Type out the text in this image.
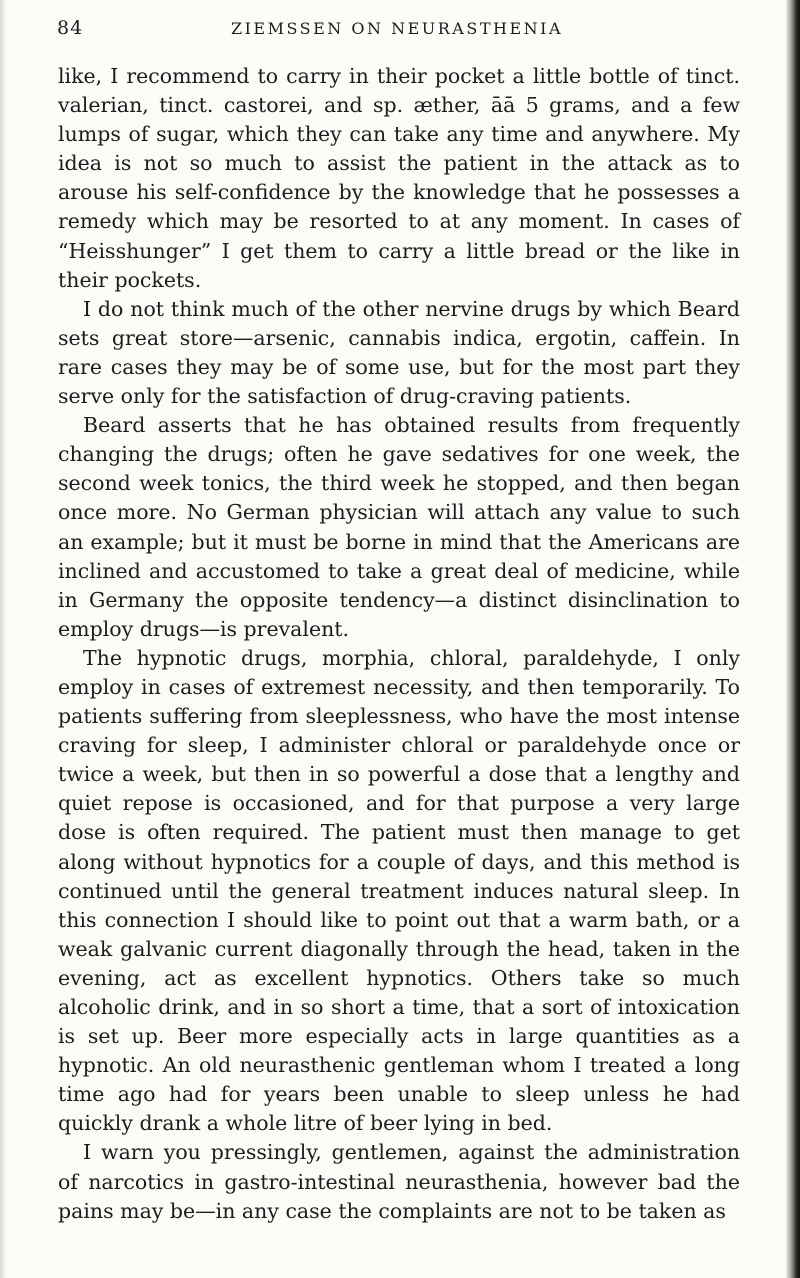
84	ZIEMSSEN ON NEURASTHENIA

like, I recommend to carry in their pocket a little bottle of tinct. valerian, tinct. castorei, and sp. æther, āā 5 grams, and a few lumps of sugar, which they can take any time and anywhere. My idea is not so much to assist the patient in the attack as to arouse his self-confidence by the knowledge that he possesses a remedy which may be resorted to at any moment. In cases of “Heisshunger” I get them to carry a little bread or the like in their pockets.

I do not think much of the other nervine drugs by which Beard sets great store—arsenic, cannabis indica, ergotin, caffein. In rare cases they may be of some use, but for the most part they serve only for the satisfaction of drug-craving patients.

Beard asserts that he has obtained results from frequently changing the drugs; often he gave sedatives for one week, the second week tonics, the third week he stopped, and then began once more. No German physician will attach any value to such an example; but it must be borne in mind that the Americans are inclined and accustomed to take a great deal of medicine, while in Germany the opposite tendency—a distinct disinclination to employ drugs—is prevalent.

The hypnotic drugs, morphia, chloral, paraldehyde, I only employ in cases of extremest necessity, and then temporarily. To patients suffering from sleeplessness, who have the most intense craving for sleep, I administer chloral or paraldehyde once or twice a week, but then in so powerful a dose that a lengthy and quiet repose is occasioned, and for that purpose a very large dose is often required. The patient must then manage to get along without hypnotics for a couple of days, and this method is continued until the general treatment induces natural sleep. In this connection I should like to point out that a warm bath, or a weak galvanic current diagonally through the head, taken in the evening, act as excellent hypnotics. Others take so much alcoholic drink, and in so short a time, that a sort of intoxication is set up. Beer more especially acts in large quantities as a hypnotic. An old neurasthenic gentleman whom I treated a long time ago had for years been unable to sleep unless he had quickly drank a whole litre of beer lying in bed.

I warn you pressingly, gentlemen, against the administration of narcotics in gastro-intestinal neurasthenia, however bad the pains may be—in any case the complaints are not to be taken as
